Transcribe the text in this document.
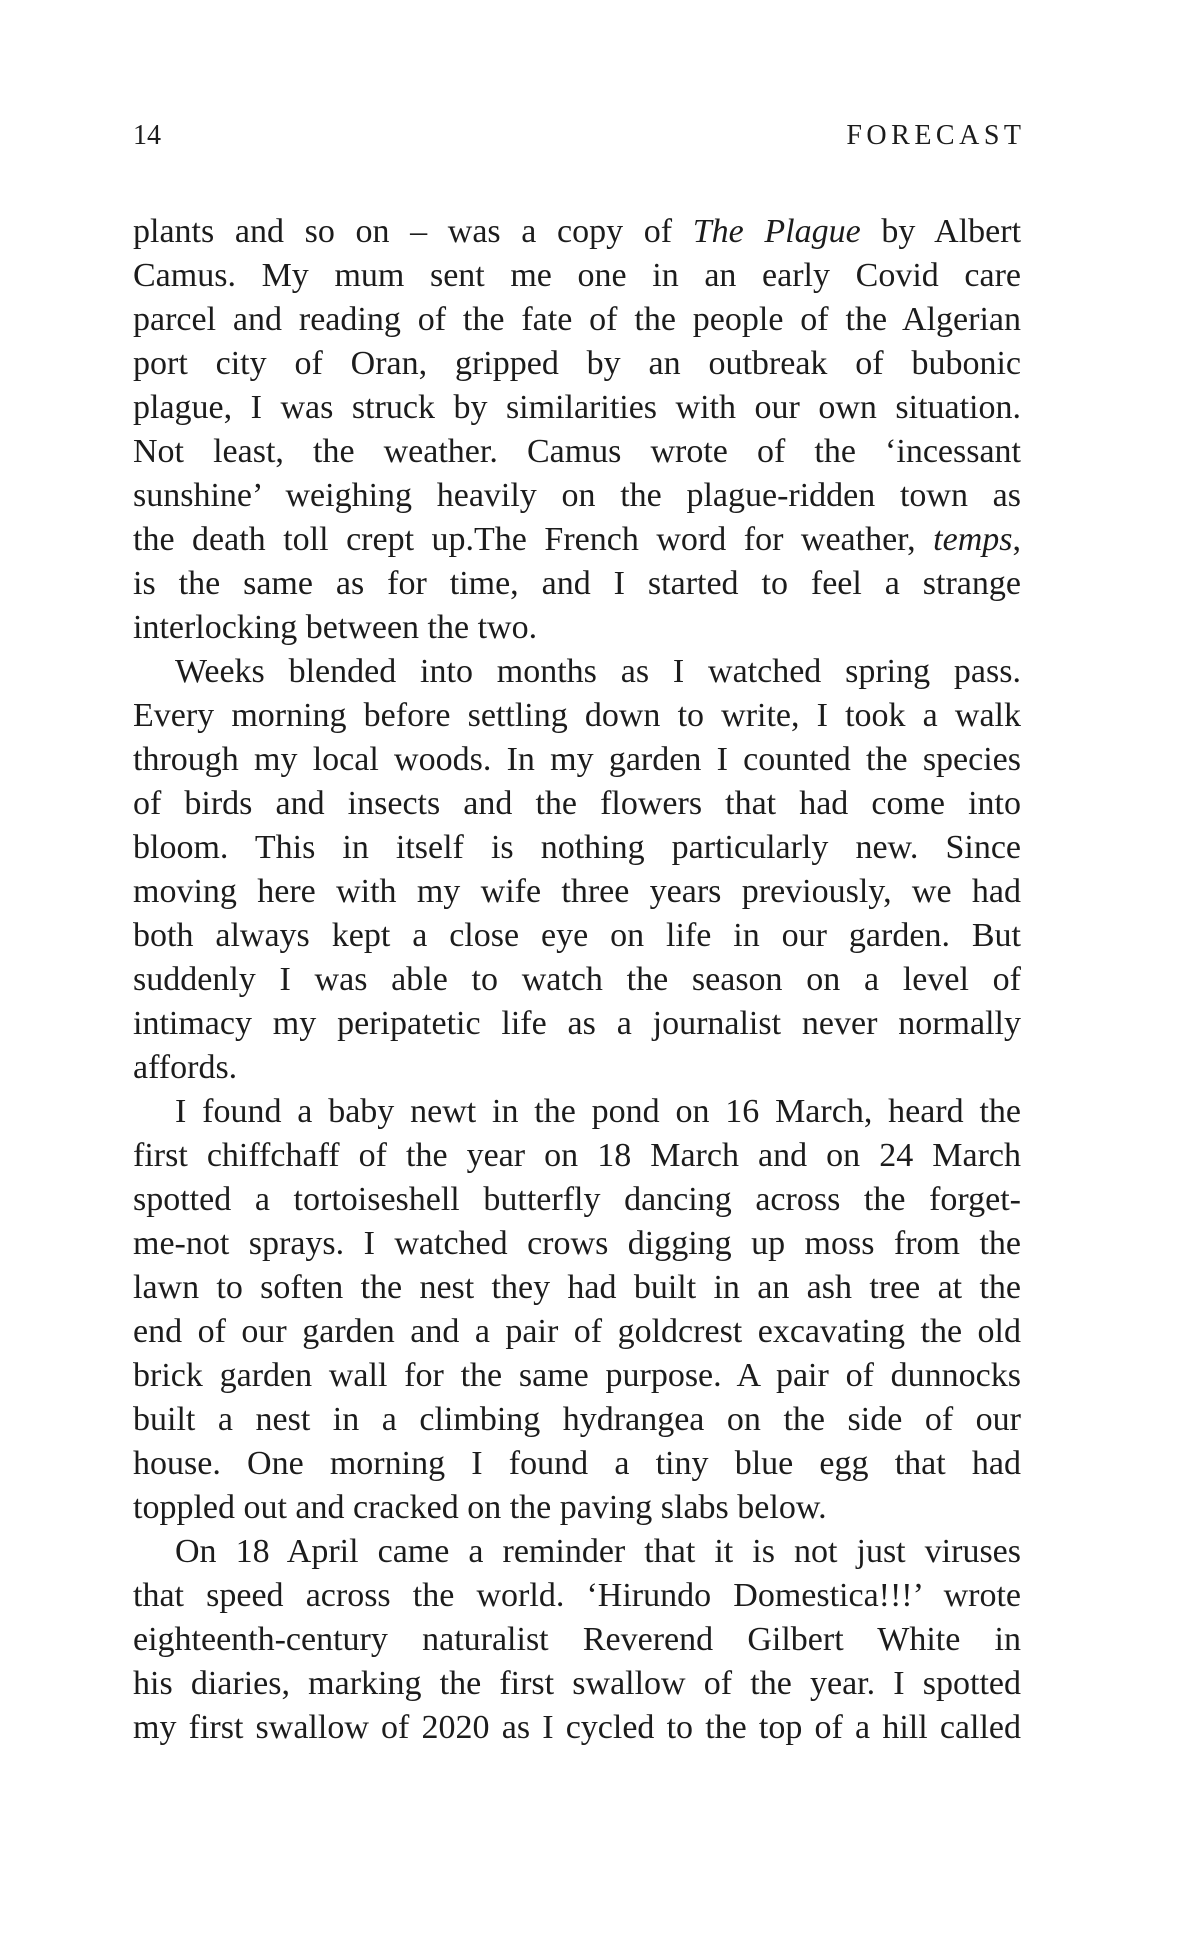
14	FORECAST
plants and so on – was a copy of The Plague by Albert
Camus. My mum sent me one in an early Covid care
parcel and reading of the fate of the people of the Algerian
port city of Oran, gripped by an outbreak of bubonic
plague, I was struck by similarities with our own situation.
Not least, the weather. Camus wrote of the ‘incessant
sunshine’ weighing heavily on the plague-ridden town as
the death toll crept up.The French word for weather, temps,
is the same as for time, and I started to feel a strange
interlocking between the two.
Weeks blended into months as I watched spring pass.
Every morning before settling down to write, I took a walk
through my local woods. In my garden I counted the species
of birds and insects and the flowers that had come into
bloom. This in itself is nothing particularly new. Since
moving here with my wife three years previously, we had
both always kept a close eye on life in our garden. But
suddenly I was able to watch the season on a level of
intimacy my peripatetic life as a journalist never normally
affords.
I found a baby newt in the pond on 16 March, heard the
first chiffchaff of the year on 18 March and on 24 March
spotted a tortoiseshell butterfly dancing across the forget-
me-not sprays. I watched crows digging up moss from the
lawn to soften the nest they had built in an ash tree at the
end of our garden and a pair of goldcrest excavating the old
brick garden wall for the same purpose. A pair of dunnocks
built a nest in a climbing hydrangea on the side of our
house. One morning I found a tiny blue egg that had
toppled out and cracked on the paving slabs below.
On 18 April came a reminder that it is not just viruses
that speed across the world. ‘Hirundo Domestica!!!’ wrote
eighteenth-century naturalist Reverend Gilbert White in
his diaries, marking the first swallow of the year. I spotted
my first swallow of 2020 as I cycled to the top of a hill called
